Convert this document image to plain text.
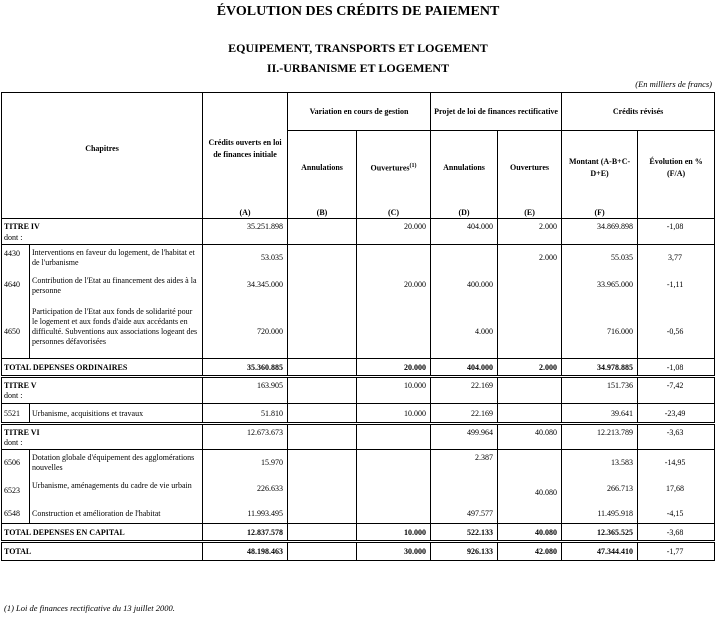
ÉVOLUTION DES CRÉDITS DE PAIEMENT
EQUIPEMENT, TRANSPORTS ET LOGEMENT
II.-URBANISME ET LOGEMENT
(En milliers de francs)
Chapitres		Crédits ouverts en loi de finances initiale	Variation en cours de gestion		Projet de loi de finances rectificative		Crédits révisés	
			Annulations	Ouvertures$^{(1)}$	Annulations	Ouvertures	Montant (A-B+C-D+E)	Évolution en % (F/A)
		(A)	(B)	(C)	(D)	(E)	(F)	
TITRE IV		35.251.898		20.000	404.000	2.000	34.869.898	-1,08
dont :								
4430	Interventions en faveur du logement, de l'habitat et de l'urbanisme	53.035				2.000	55.035	3,77
4640	Contribution de l'Etat au financement des aides à la personne	34.345.000		20.000	400.000		33.965.000	-1,11
4650	Participation de l'Etat aux fonds de solidarité pour le logement et aux fonds d'aide aux accédants en difficulté. Subventions aux associations logeant des personnes défavorisées	720.000			4.000		716.000	-0,56
TOTAL DEPENSES ORDINAIRES		35.360.885		20.000	404.000	2.000	34.978.885	-1,08
TITRE V		163.905		10.000	22.169		151.736	-7,42
dont :								
5521	Urbanisme, acquisitions et travaux	51.810		10.000	22.169		39.641	-23,49
TITRE VI		12.673.673			499.964	40.080	12.213.789	-3,63
dont :								
6506	Dotation globale d'équipement des agglomérations nouvelles	15.970			2.387		13.583	-14,95
6523	Urbanisme, aménagements du cadre de vie urbain	226.633				40.080	266.713	17,68
6548	Construction et amélioration de l'habitat	11.993.495			497.577		11.495.918	-4,15
TOTAL DEPENSES EN CAPITAL		12.837.578		10.000	522.133	40.080	12.365.525	-3,68
TOTAL		48.198.463		30.000	926.133	42.080	47.344.410	-1,77
(1) Loi de finances rectificative du 13 juillet 2000.
